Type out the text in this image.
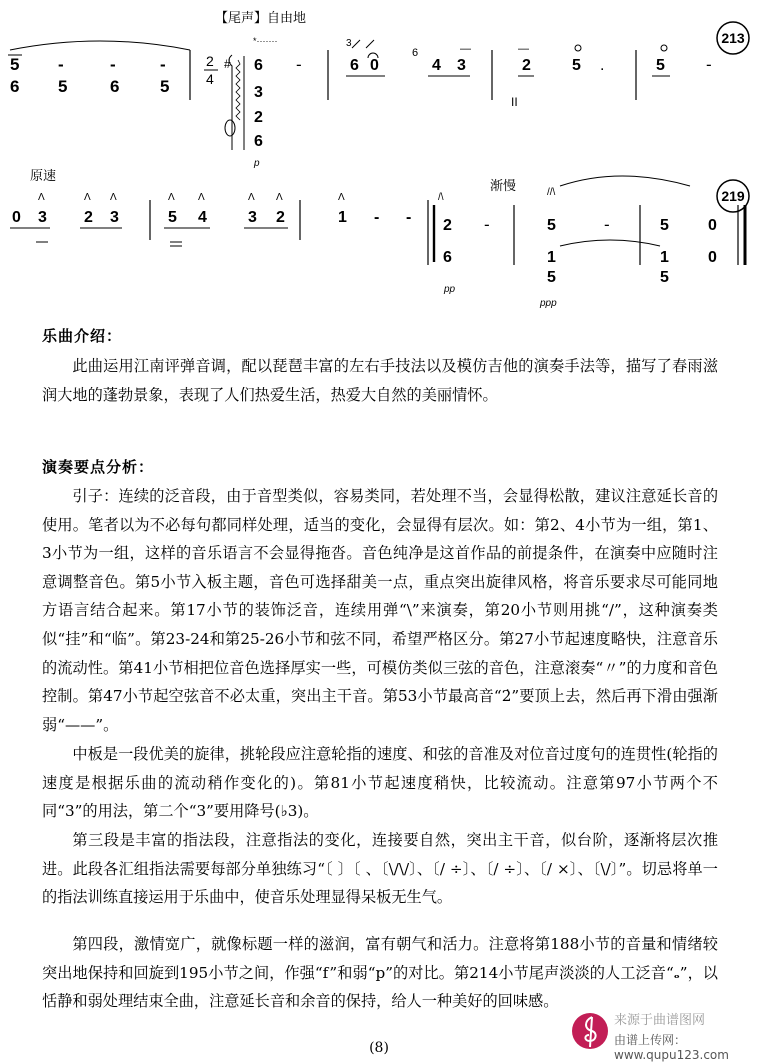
【尾声】自由地
*·······
5
6
-
5
-
6
-
5
2
4
# 6
3
2
6
p
-
3
6 0
6
4 3
—	—
2
II
5 .	5 -
213
原速
渐慢
0 3 2 3	5 4	3 2	1 - -
Λ	Λ Λ	Λ Λ	Λ Λ	Λ
2
6
/\
pp
-
//\
5
1
5
ppp
-	5
1
5
0
0
219
乐曲介绍：
此曲运用江南评弹音调，配以琵琶丰富的左右手技法以及模仿吉他的演奏手法等，描写了春雨滋润大地的蓬勃景象，表现了人们热爱生活，热爱大自然的美丽情怀。
演奏要点分析：
引子：连续的泛音段，由于音型类似，容易类同，若处理不当，会显得松散，建议注意延长音的使用。笔者以为不必每句都同样处理，适当的变化，会显得有层次。如：第2、4小节为一组，第1、3小节为一组，这样的音乐语言不会显得拖沓。音色纯净是这首作品的前提条件，在演奏中应随时注意调整音色。第5小节入板主题，音色可选择甜美一点，重点突出旋律风格，将音乐要求尽可能同地方语言结合起来。第17小节的装饰泛音，连续用弹“\”来演奏，第20小节则用挑“/”，这种演奏类似“挂”和“临”。第23-24和第25-26小节和弦不同，希望严格区分。第27小节起速度略快，注意音乐的流动性。第41小节相把位音色选择厚实一些，可模仿类似三弦的音色，注意滚奏“〃”的力度和音色控制。第47小节起空弦音不必太重，突出主干音。第53小节最高音“2̇”要顶上去，然后再下滑由强渐弱“——”。
中板是一段优美的旋律，挑轮段应注意轮指的速度、和弦的音准及对位音过度句的连贯性(轮指的速度是根据乐曲的流动稍作变化的)。第81小节起速度稍快，比较流动。注意第97小节两个不同“3”的用法，第二个“3”要用降号(♭3)。
第三段是丰富的指法段，注意指法的变化，连接要自然，突出主干音，似台阶，逐渐将层次推进。此段各汇组指法需要每部分单独练习“〔 〕〔 、〔\/\/〕、〔/ ÷〕、〔/ ÷〕、〔/ ×〕、〔\/〕”。切忌将单一的指法训练直接运用于乐曲中，使音乐处理显得呆板无生气。
第四段，激情宽广，就像标题一样的滋润，富有朝气和活力。注意将第188小节的音量和情绪较突出地保持和回旋到195小节之间，作强“f”和弱“p”的对比。第214小节尾声淡淡的人工泛音“𝅝”，以恬静和弱处理结束全曲，注意延长音和余音的保持，给人一种美好的回味感。
(8)
来源于曲谱图网
由谱上传网：www.qupu123.com
